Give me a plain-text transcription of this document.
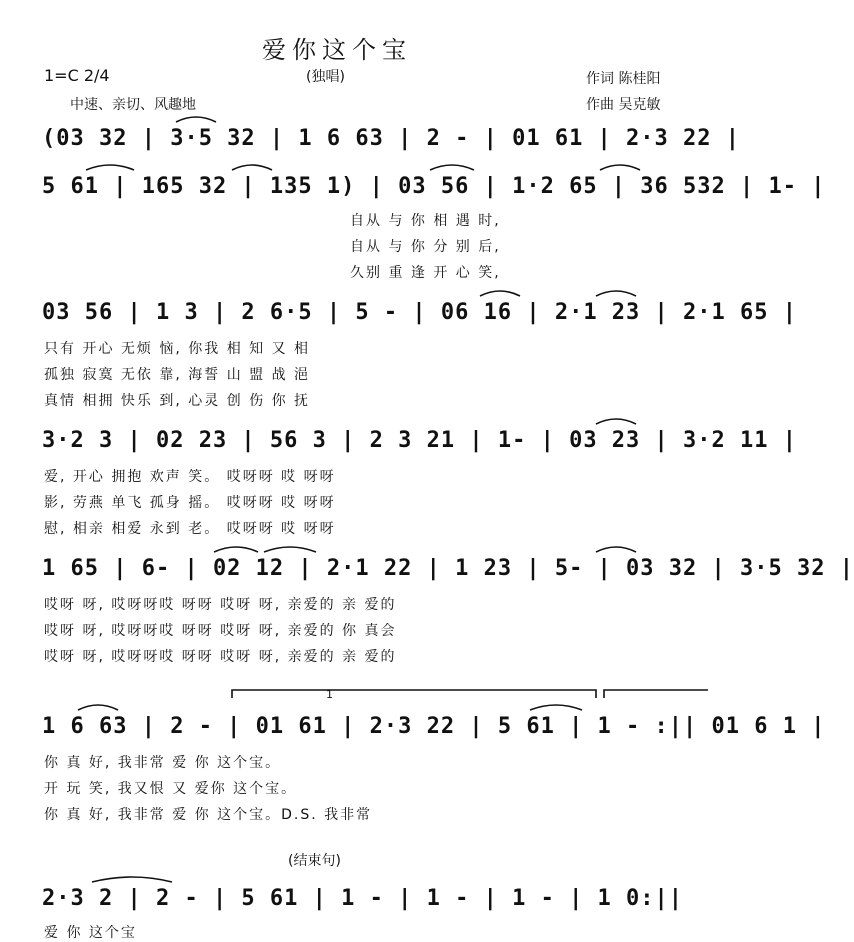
爱你这个宝
(独唱)
1=C 2/4
中速、亲切、风趣地
作词 陈桂阳
作曲 吴克敏
(03 32 | 3·5 32 | 1 6 63 | 2 - | 01 61 | 2·3 22 |
5 61 | 165 32 | 135 1) | 03 56 | 1·2 65 | 36 532 | 1- |
自从 与 你 相 遇 时,
自从 与 你 分 别 后,
久别 重 逢 开 心 笑,
03 56 | 1 3 | 2 6·5 | 5 - | 06 16 | 2·1 23 | 2·1 65 |
只有 开心 无烦 恼, 你我 相 知 又 相
孤独 寂寞 无依 靠, 海誓 山 盟 战 浥
真情 相拥 快乐 到, 心灵 创 伤 你 抚
3·2 3 | 02 23 | 56 3 | 2 3 21 | 1- | 03 23 | 3·2 11 |
爱, 开心 拥抱 欢声 笑。 哎呀呀 哎 呀呀
影, 劳燕 单飞 孤身 摇。 哎呀呀 哎 呀呀
慰, 相亲 相爱 永到 老。 哎呀呀 哎 呀呀
1 65 | 6- | 02 12 | 2·1 22 | 1 23 | 5- | 03 32 | 3·5 32 |
哎呀 呀, 哎呀呀哎 呀呀 哎呀 呀, 亲爱的 亲 爱的
哎呀 呀, 哎呀呀哎 呀呀 哎呀 呀, 亲爱的 你 真会
哎呀 呀, 哎呀呀哎 呀呀 哎呀 呀, 亲爱的 亲 爱的
1
1 6 63 | 2 - | 01 61 | 2·3 22 | 5 61 | 1 - :|| 01 6 1 |
你 真 好, 我非常 爱 你 这个宝。
开 玩 笑, 我又恨 又 爱你 这个宝。
你 真 好, 我非常 爱 你 这个宝。D.S. 我非常
(结束句)
2·3 2 | 2 - | 5 61 | 1 - | 1 - | 1 - | 1 0:||
爱 你 这个宝
